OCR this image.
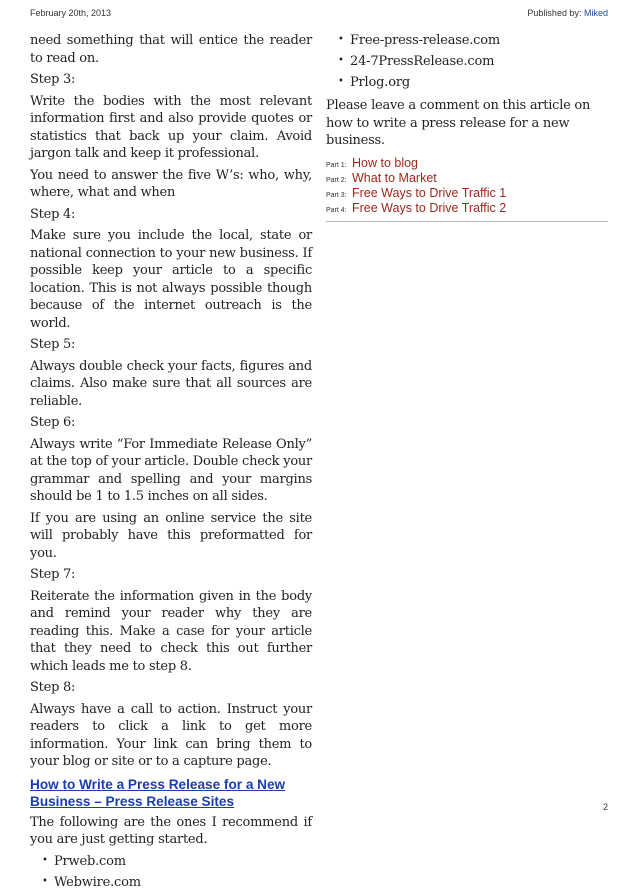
February 20th, 2013	Published by: Miked

need something that will entice the reader to read on.

Step 3:

Write the bodies with the most relevant information first and also provide quotes or statistics that back up your claim. Avoid jargon talk and keep it professional.

You need to answer the five W’s: who, why, where, what and when

Step 4:

Make sure you include the local, state or national connection to your new business. If possible keep your article to a specific location. This is not always possible though because of the internet outreach is the world.

Step 5:

Always double check your facts, figures and claims. Also make sure that all sources are reliable.

Step 6:

Always write “For Immediate Release Only” at the top of your article. Double check your grammar and spelling and your margins should be 1 to 1.5 inches on all sides.

If you are using an online service the site will probably have this preformatted for you.

Step 7:

Reiterate the information given in the body and remind your reader why they are reading this. Make a case for your article that they need to check this out further which leads me to step 8.

Step 8:

Always have a call to action. Instruct your readers to click a link to get more information. Your link can bring them to your blog or site or to a capture page.

How to Write a Press Release for a New Business – Press Release Sites

The following are the ones I recommend if you are just getting started.

• Prweb.com
• Webwire.com
• Free-press-release.com
• 24-7PressRelease.com
• Prlog.org

Please leave a comment on this article on how to write a press release for a new business.

Part 1: How to blog
Part 2: What to Market
Part 3: Free Ways to Drive Traffic 1
Part 4: Free Ways to Drive Traffic 2
2
